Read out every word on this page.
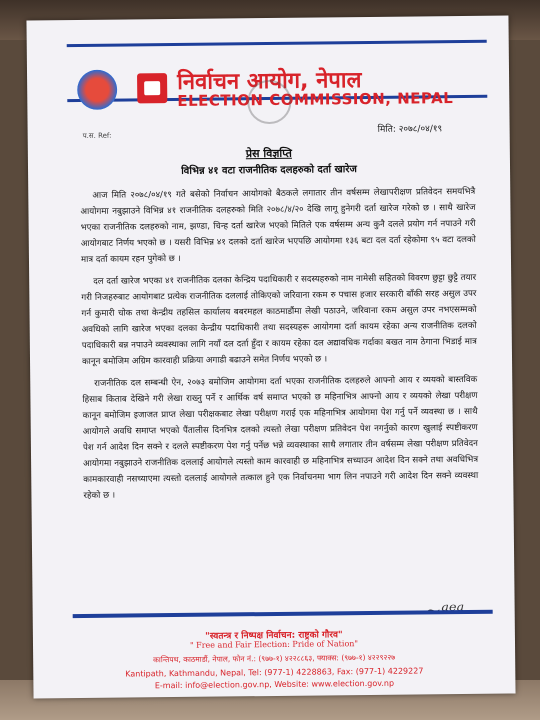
निर्वाचन आयोग, नेपाल
ELECTION COMMISSION, NEPAL
प.स. Ref:
मिति: २०७८/०४/१९
प्रेस विज्ञप्ति
विभिन्न ४१ वटा राजनीतिक दलहरुको दर्ता खारेज

आज मिति २०७८/०४/१९ गते बसेको निर्वाचन आयोगको बैठकले लगातार तीन वर्षसम्म लेखापरीक्षण प्रतिवेदन समयभित्रै आयोगमा नबुझाउने विभिन्न ४१ राजनीतिक दलहरुको मिति २०७८/४/२० देखि लागू हुनेगरी दर्ता खारेज गरेको छ । साथै खारेज भएका राजनीतिक दलहरुको नाम, झण्डा, चिन्ह दर्ता खारेज भएको मितिले एक वर्षसम्म अन्य कुनै दलले प्रयोग गर्न नपाउने गरी आयोगबाट निर्णय भएको छ । यसरी विभिन्न ४१ दलको दर्ता खारेज भएपछि आयोगमा १३६ बटा दल दर्ता रहेकोमा ९५ वटा दलको मात्र दर्ता कायम रहन पुगेको छ ।

दल दर्ता खारेज भएका ४१ राजनीतिक दलका केन्द्रिय पदाधिकारी र सदस्यहरुको नाम नामेसी सहितको विवरण छुट्टा छुट्टै तयार गरी निजहरुबाट आयोगबाट प्रत्येक राजनीतिक दललाई तोकिएको जरिवाना रकम रु पचास हजार सरकारी बाँकी सरह असुल उपर गर्न कुमारी चोक तथा केन्द्रीय तहसिल कार्यालय बबरमहल काठमाडौंमा लेखी पठाउने, जरिवाना रकम असुल उपर नभएसम्मको अवधिको लागि खारेज भएका दलका केन्द्रीय पदाधिकारी तथा सदस्यहरू आयोगमा दर्ता कायम रहेका अन्य राजनीतिक दलको पदाधिकारी बन्न नपाउने व्यवस्थाका लागि नयाँ दल दर्ता हुँदा र कायम रहेका दल अद्यावधिक गर्दाका बखत नाम ठेगाना भिडाई मात्र कानून बमोजिम अग्रिम कारवाही प्रक्रिया अगाडी बढाउने समेत निर्णय भएको छ ।

राजनीतिक दल सम्बन्धी ऐन, २०७३ बमोजिम आयोगमा दर्ता भएका राजनीतिक दलहरुले आफ्नो आय र व्ययको बास्तविक हिसाब किताब देखिने गरी लेखा राख्नु पर्ने र आर्थिक वर्ष समाप्त भएको छ महिनाभित्र आफ्नो आय र व्ययको लेखा परीक्षण कानून बमोजिम इजाजत प्राप्त लेखा परीक्षकबाट लेखा परीक्षण गराई एक महिनाभित्र आयोगमा पेश गर्नु पर्ने व्यवस्था छ । साथै आयोगले अवधि समाप्त भएको पैंतालीस दिनभित्र दलको त्यस्तो लेखा परीक्षण प्रतिवेदन पेश नगर्नुको कारण खुलाई स्पष्टीकरण पेश गर्न आदेश दिन सक्ने र दलले स्पष्टीकरण पेश गर्नु पर्नेछ भन्ने व्यवस्थाका साथै लगातार तीन वर्षसम्म लेखा परीक्षण प्रतिवेदन आयोगमा नबुझाउने राजनीतिक दललाई आयोगले त्यस्तो काम कारवाही छ महिनाभित्र सच्याउन आदेश दिन सक्ने तथा अवधिभित्र कामकारवाही नसच्याएमा त्यस्तो दललाई आयोगले तत्काल हुने एक निर्वाचनमा भाग लिन नपाउने गरी आदेश दिन सक्ने व्यवस्था रहेको छ ।

"स्वतन्त्र र निष्पक्ष निर्वाचन: राष्ट्रको गौरव"
" Free and Fair Election: Pride of Nation"
कान्तिपथ, काठमाडौं, नेपाल, फोन नं.: (९७७-१) ४२२८८६३, फ्याक्स: (९७७-१) ४२२९२२७
Kantipath, Kathmandu, Nepal, Tel: (977-1) 4228863, Fax: (977-1) 4229227
E-mail: info@election.gov.np, Website: www.election.gov.np
